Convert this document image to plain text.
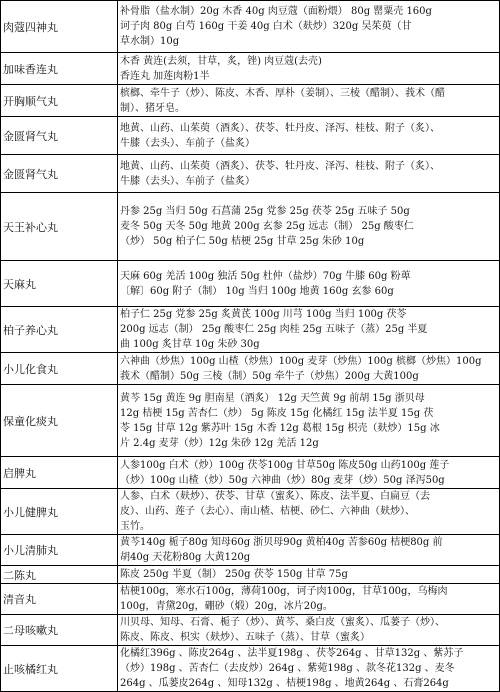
肉蔻四神丸	补骨脂（盐水制）20g 木香 40g 肉豆蔻（面粉煨） 80g 罂粟壳 160g
诃子肉 80g 白芍 160g 干姜 40g 白术（麸炒）320g 吴茱萸（甘
草水制）10g
加味香连丸	木香 黄连(去须，甘草，炙，锉) 肉豆蔻(去壳)
香连丸 加莲肉粉1半
开胸顺气丸	槟榔、牵牛子（炒）、陈皮、木香、厚朴（姜制）、三棱（醋制）、莪术（醋
制）、猪牙皂。
金匮肾气丸	地黄、山药、山茱萸（酒炙）、茯苓、牡丹皮、泽泻、桂枝、附子（炙）、
牛膝（去头）、车前子（盐炙）
金匮肾气丸	地黄、山药、山茱萸（酒炙）、茯苓、牡丹皮、泽泻、桂枝、附子（炙）、
牛膝（去头）、车前子（盐炙）
天王补心丸	丹参 25g 当归 50g 石菖蒲 25g 党参 25g 茯苓 25g 五味子 50g
麦冬 50g 天冬 50g 地黄 200g 玄参 25g 远志（制） 25g 酸枣仁
（炒） 50g 柏子仁 50g 桔梗 25g 甘草 25g 朱砂 10g
天麻丸	天麻 60g 羌活 100g 独活 50g 杜仲（盐炒）70g 牛膝 60g 粉萆
〔解〕60g 附子（制） 10g 当归 100g 地黄 160g 玄参 60g
柏子养心丸	柏子仁 25g 党参 25g 炙黄芪 100g 川芎 100g 当归 100g 茯苓
200g 远志（制） 25g 酸枣仁 25g 肉桂 25g 五味子（蒸）25g 半夏
曲 100g 炙甘草 10g 朱砂 30g
小儿化食丸	六神曲（炒焦）100g 山楂（炒焦）100g 麦芽（炒焦）100g 槟榔（炒焦）100g
莪术（醋制）50g 三棱（制）50g 牵牛子（炒焦）200g 大黄100g
保童化痰丸	黄芩 15g 黄连 9g 胆南星（酒炙） 12g 天竺黄 9g 前胡 15g 浙贝母
12g 桔梗 15g 苦杏仁（炒） 5g 陈皮 15g 化橘红 15g 法半夏 15g 茯
苓 15g 甘草 12g 紫苏叶 15g 木香 12g 葛根 15g 枳壳（麸炒）15g 冰
片 2.4g 麦芽（炒）12g 朱砂 12g 羌活 12g
启脾丸	人参100g 白术（炒）100g 茯苓100g 甘草50g 陈皮50g 山药100g 莲子
（炒）100g 山楂（炒）50g 六神曲（炒）80g 麦芽（炒）50g 泽泻50g
小儿健脾丸	人参、白术（麸炒）、茯苓、甘草（蜜炙）、陈皮、法半夏、白扁豆（去
皮）、山药、莲子（去心）、南山楂、桔梗、砂仁、六神曲（麸炒）、
玉竹。
小儿清肺丸	黄芩140g 栀子80g 知母60g 浙贝母90g 黄柏40g 苦参60g 桔梗80g 前
胡40g 天花粉80g 大黄120g
二陈丸	陈皮 250g 半夏（制） 250g 茯苓 150g 甘草 75g
清音丸	桔梗100g，寒水石100g，薄荷100g，诃子肉100g，甘草100g，乌梅肉
100g，青黛20g，硼砂（煅）20g，冰片20g。
二母咳嗽丸	川贝母、知母、石膏、栀子（炒）、黄芩、桑白皮（蜜炙）、瓜蒌子（炒）、
陈皮、陈皮、枳实（麸炒）、五味子（蒸）、甘草（蜜炙）
止咳橘红丸	化橘红396g 、陈皮264g 、法半夏198g 、茯苓264g 、甘草132g 、紫苏子
（炒）198g 、苦杏仁（去皮炒）264g 、紫菀198g 、款冬花132g 、麦冬
264g 、瓜蒌皮264g 、知母132g 、桔梗198g 、地黄264g 、石膏264g
